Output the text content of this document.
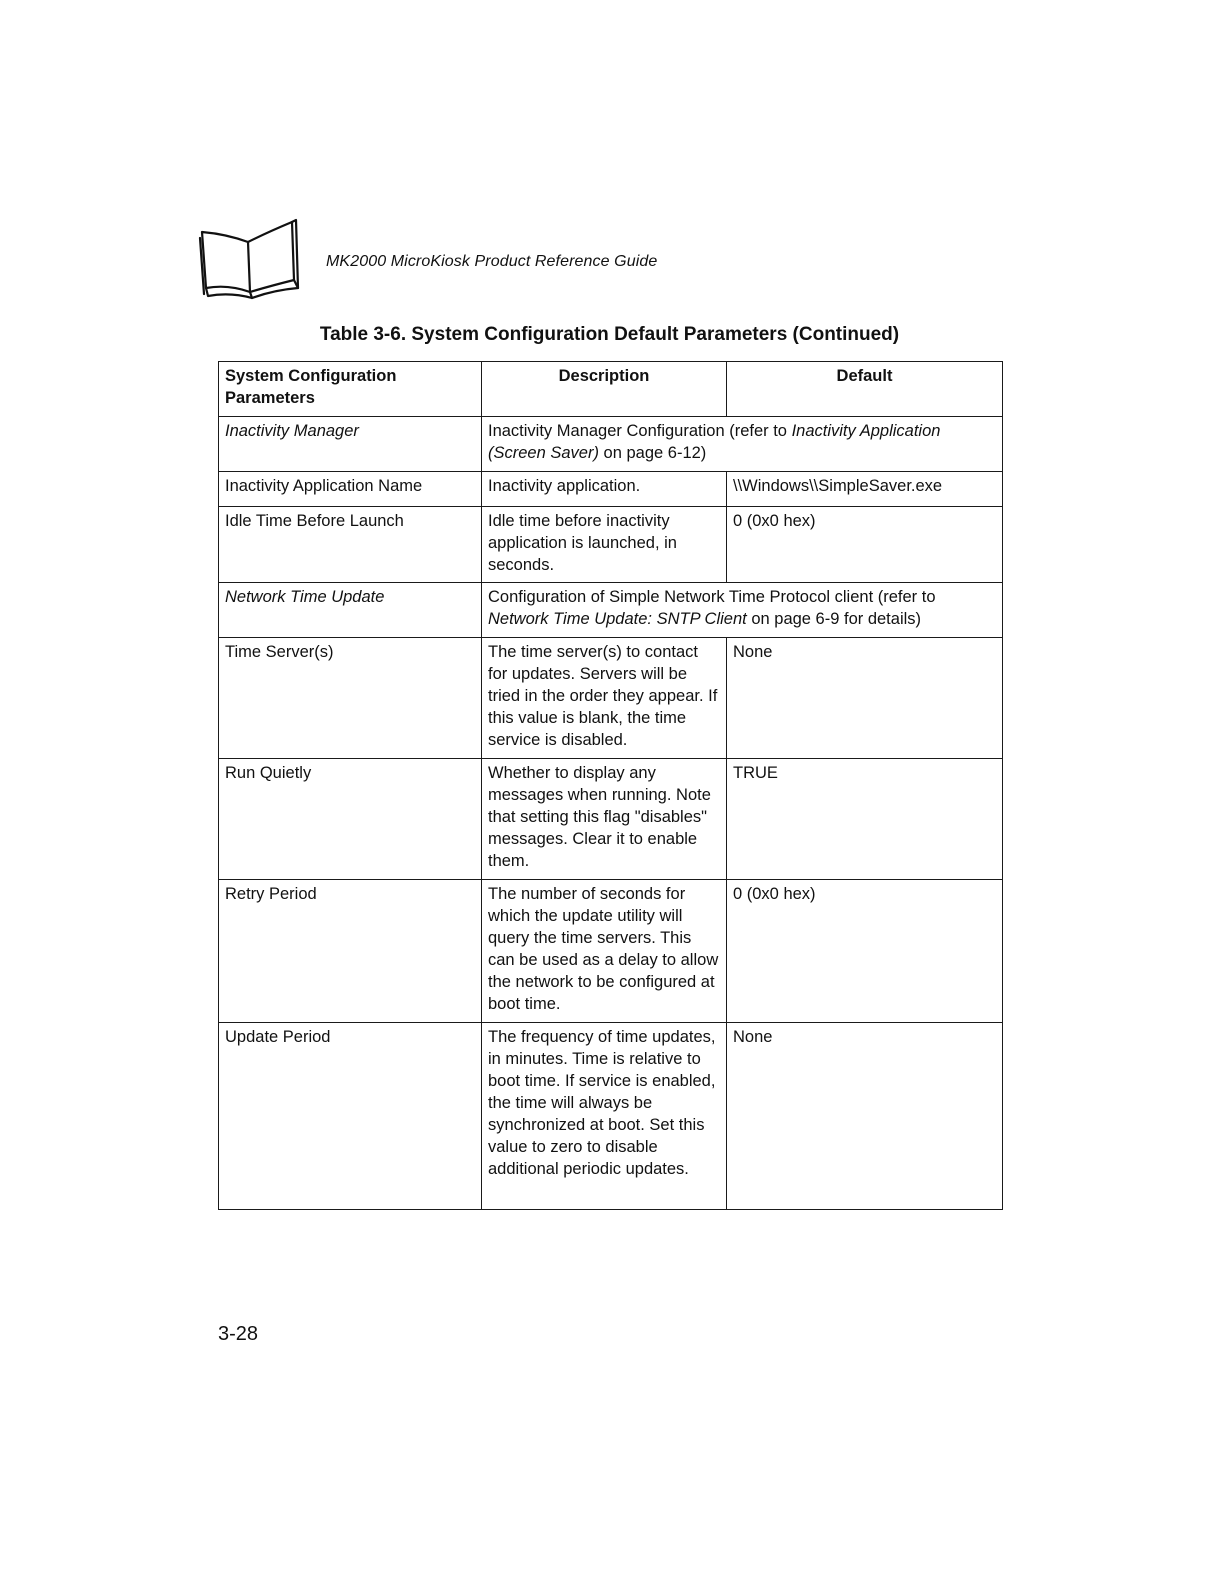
MK2000 MicroKiosk Product Reference Guide
Table 3-6. System Configuration Default Parameters (Continued)
System Configuration Parameters	Description	Default
Inactivity Manager	Inactivity Manager Configuration (refer to Inactivity Application (Screen Saver) on page 6-12)	
Inactivity Application Name	Inactivity application.	\\Windows\\SimpleSaver.exe
Idle Time Before Launch	Idle time before inactivity application is launched, in seconds.	0 (0x0 hex)
Network Time Update	Configuration of Simple Network Time Protocol client (refer to Network Time Update: SNTP Client on page 6-9 for details)	
Time Server(s)	The time server(s) to contact for updates. Servers will be tried in the order they appear. If this value is blank, the time service is disabled.	None
Run Quietly	Whether to display any messages when running. Note that setting this flag "disables" messages. Clear it to enable them.	TRUE
Retry Period	The number of seconds for which the update utility will query the time servers. This can be used as a delay to allow the network to be configured at boot time.	0 (0x0 hex)
Update Period	The frequency of time updates, in minutes. Time is relative to boot time. If service is enabled, the time will always be synchronized at boot. Set this value to zero to disable additional periodic updates.	None
3-28
